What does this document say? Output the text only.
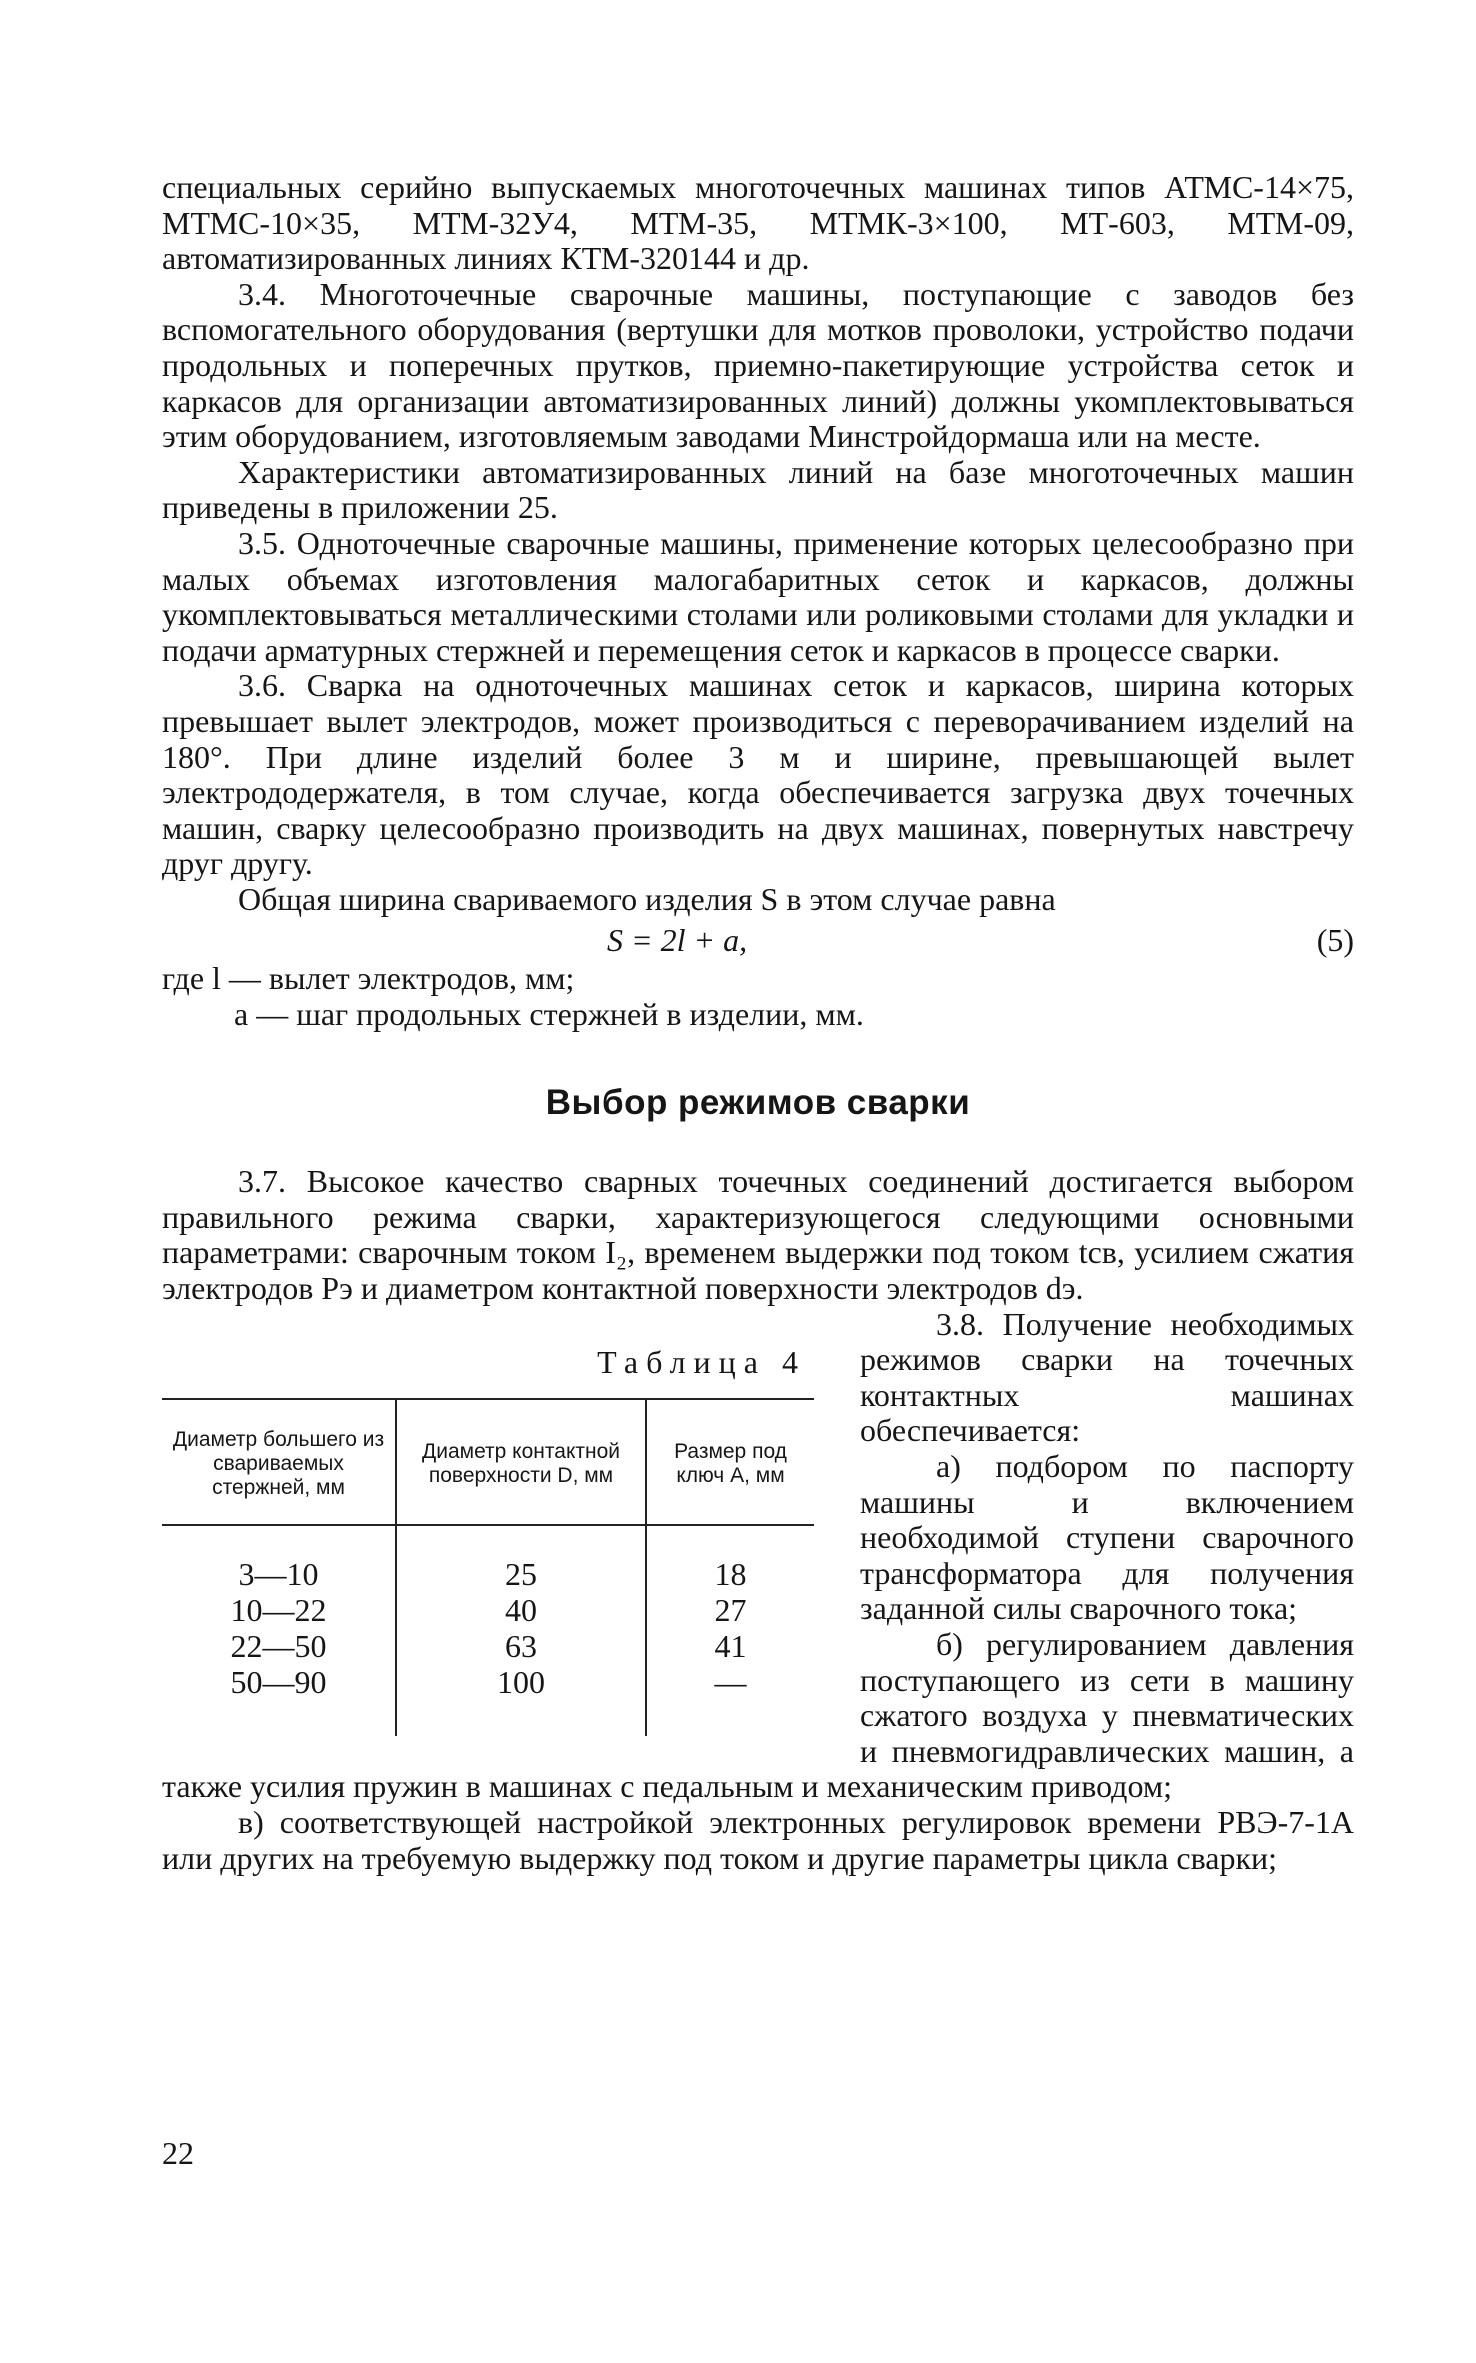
специальных серийно выпускаемых многоточечных машинах типов АТМС-14×75, МТМС-10×35, МТМ-32У4, МТМ-35, МТМК-3×100, МТ-603, МТМ-09, автоматизированных линиях КТМ-320144 и др.

3.4. Многоточечные сварочные машины, поступающие с заводов без вспомогательного оборудования (вертушки для мотков проволоки, устройство подачи продольных и поперечных прутков, приемно-пакетирующие устройства сеток и каркасов для организации автоматизированных линий) должны укомплектовываться этим оборудованием, изготовляемым заводами Минстройдормаша или на месте.

Характеристики автоматизированных линий на базе многоточечных машин приведены в приложении 25.

3.5. Одноточечные сварочные машины, применение которых целесообразно при малых объемах изготовления малогабаритных сеток и каркасов, должны укомплектовываться металлическими столами или роликовыми столами для укладки и подачи арматурных стержней и перемещения сеток и каркасов в процессе сварки.

3.6. Сварка на одноточечных машинах сеток и каркасов, ширина которых превышает вылет электродов, может производиться с переворачиванием изделий на 180°. При длине изделий более 3 м и ширине, превышающей вылет электрододержателя, в том случае, когда обеспечивается загрузка двух точечных машин, сварку целесообразно производить на двух машинах, повернутых навстречу друг другу.

Общая ширина свариваемого изделия S в этом случае равна

S = 2l + a,	(5)

где l — вылет электродов, мм;

a — шаг продольных стержней в изделии, мм.

Выбор режимов сварки

3.7. Высокое качество сварных точечных соединений достигается выбором правильного режима сварки, характеризующегося следующими основными параметрами: сварочным током I₂, временем выдержки под током tсв, усилием сжатия электродов Pэ и диаметром контактной поверхности электродов dэ.

Таблица 4
Диаметр большего из свариваемых стержней, мм	Диаметр контактной поверхности D, мм	Размер под ключ A, мм
3—10	25	18
10—22	40	27
22—50	63	41
50—90	100	—

3.8. Получение необходимых режимов сварки на точечных контактных машинах обеспечивается:

а) подбором по паспорту машины и включением необходимой ступени сварочного трансформатора для получения заданной силы сварочного тока;

б) регулированием давления поступающего из сети в машину сжатого воздуха у пневматических и пневмогидравлических машин, а также усилия пружин в машинах с педальным и механическим приводом;

в) соответствующей настройкой электронных регулировок времени РВЭ-7-1А или других на требуемую выдержку под током и другие параметры цикла сварки;

22
